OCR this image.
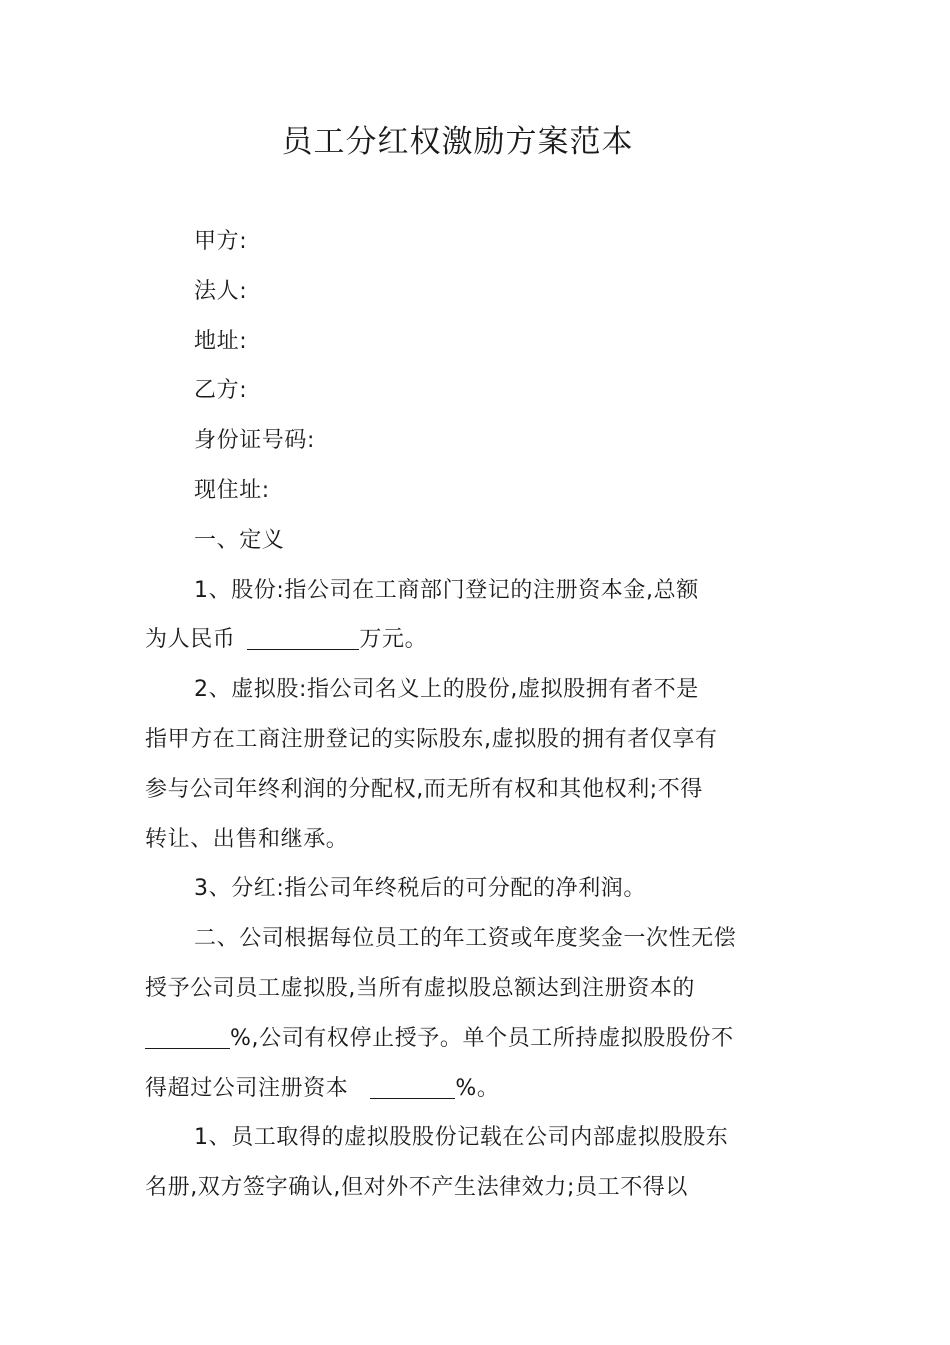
员工分红权激励方案范本
甲方:
法人:
地址:
乙方:
身份证号码:
现住址:
一、定义
1、股份:指公司在工商部门登记的注册资本金,总额
为人民币	万元。
2、虚拟股:指公司名义上的股份,虚拟股拥有者不是
指甲方在工商注册登记的实际股东,虚拟股的拥有者仅享有
参与公司年终利润的分配权,而无所有权和其他权利;不得
转让、出售和继承。
3、分红:指公司年终税后的可分配的净利润。
二、公司根据每位员工的年工资或年度奖金一次性无偿
授予公司员工虚拟股,当所有虚拟股总额达到注册资本的
%,公司有权停止授予。单个员工所持虚拟股股份不
得超过公司注册资本	%。
1、员工取得的虚拟股股份记载在公司内部虚拟股股东
名册,双方签字确认,但对外不产生法律效力;员工不得以
